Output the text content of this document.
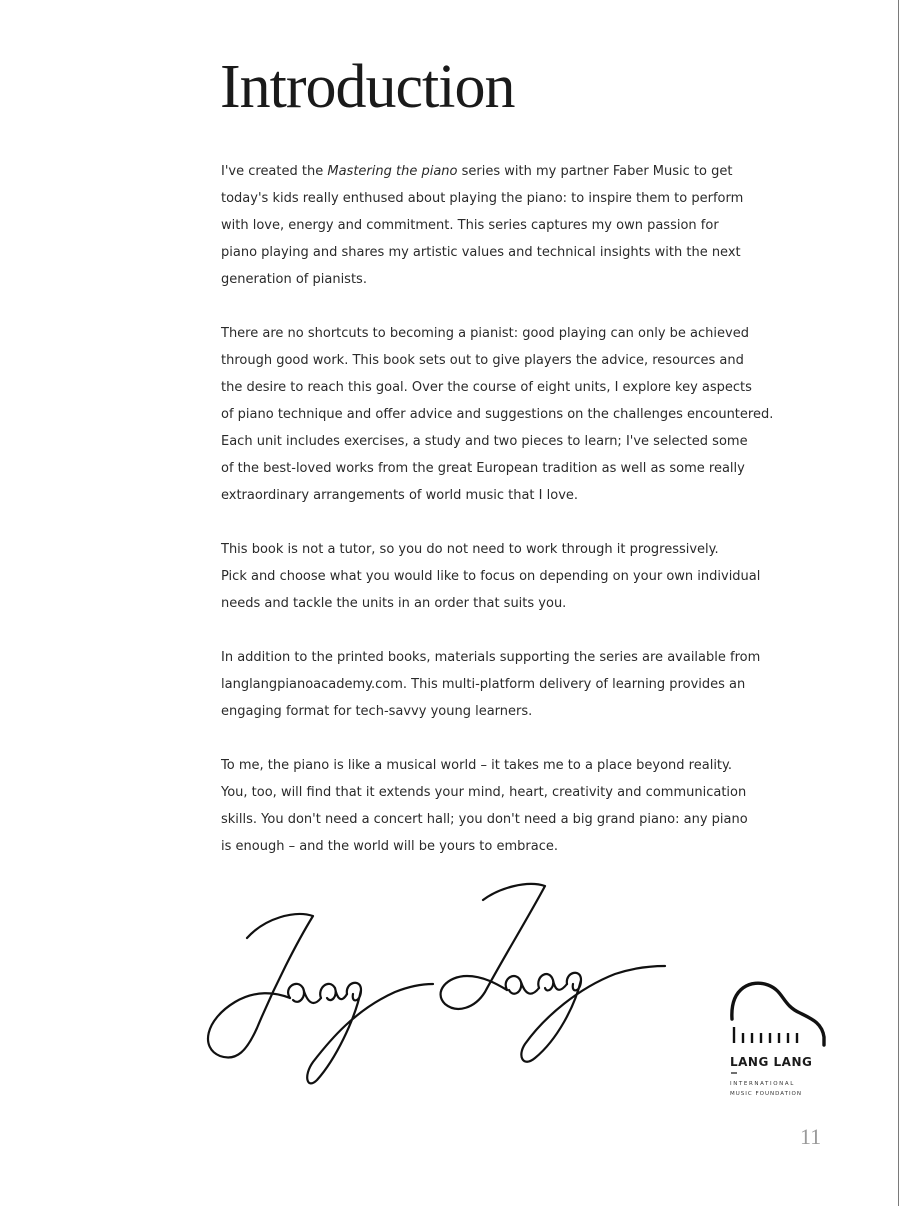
Introduction

I've created the Mastering the piano series with my partner Faber Music to get
today's kids really enthused about playing the piano: to inspire them to perform
with love, energy and commitment. This series captures my own passion for
piano playing and shares my artistic values and technical insights with the next
generation of pianists.

There are no shortcuts to becoming a pianist: good playing can only be achieved
through good work. This book sets out to give players the advice, resources and
the desire to reach this goal. Over the course of eight units, I explore key aspects
of piano technique and offer advice and suggestions on the challenges encountered.
Each unit includes exercises, a study and two pieces to learn; I've selected some
of the best-loved works from the great European tradition as well as some really
extraordinary arrangements of world music that I love.

This book is not a tutor, so you do not need to work through it progressively.
Pick and choose what you would like to focus on depending on your own individual
needs and tackle the units in an order that suits you.

In addition to the printed books, materials supporting the series are available from
langlangpianoacademy.com. This multi-platform delivery of learning provides an
engaging format for tech-savvy young learners.

To me, the piano is like a musical world – it takes me to a place beyond reality.
You, too, will find that it extends your mind, heart, creativity and communication
skills. You don't need a concert hall; you don't need a big grand piano: any piano
is enough – and the world will be yours to embrace.

LANG LANG
INTERNATIONAL
MUSIC FOUNDATION
11
